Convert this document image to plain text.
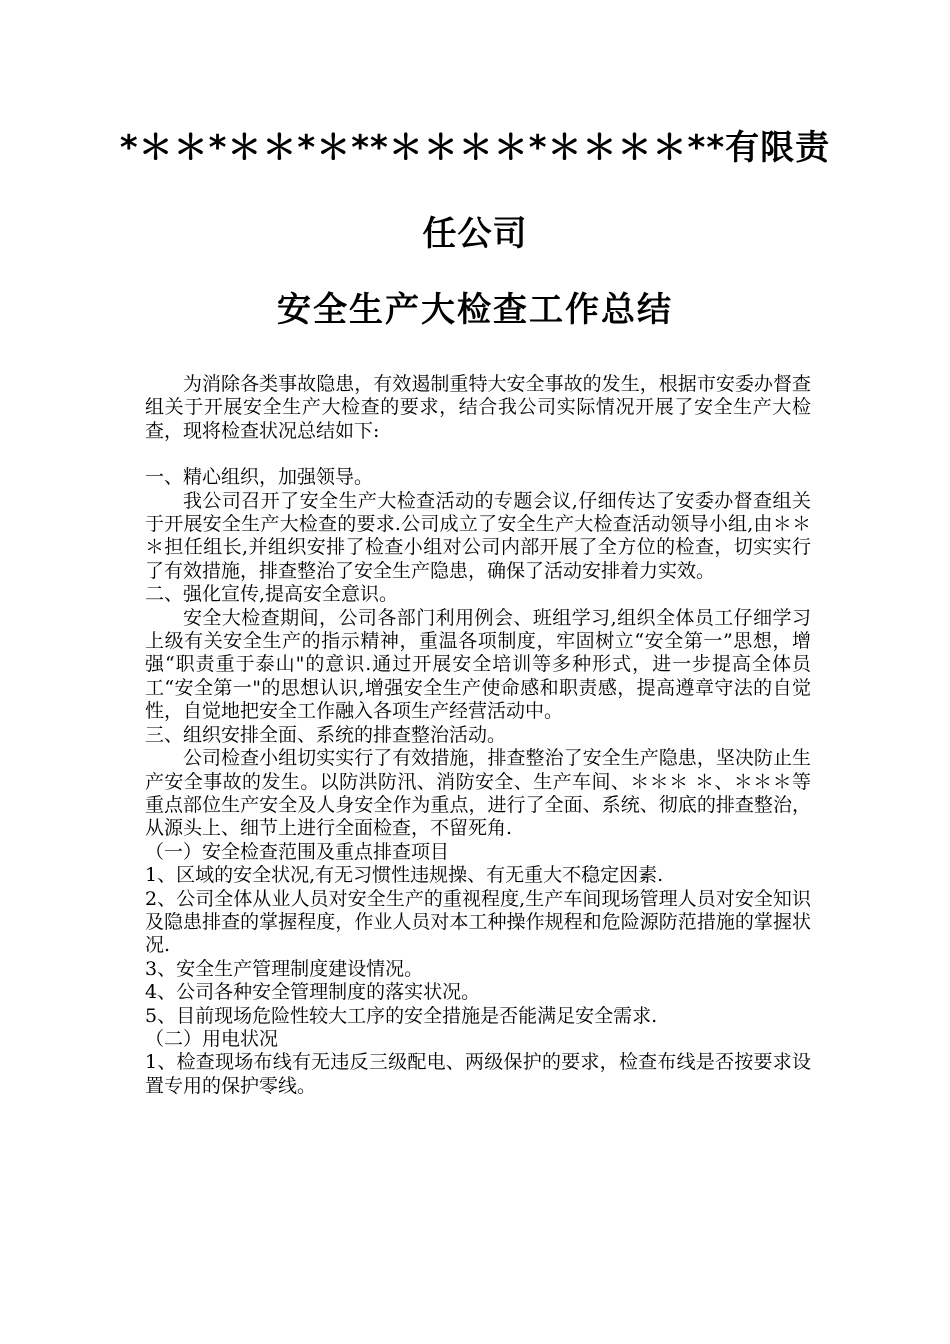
*＊＊*＊＊*＊**＊＊＊＊*＊＊＊＊**有限责
任公司
安全生产大检查工作总结

为消除各类事故隐患，有效遏制重特大安全事故的发生，根据市安委办督查组关于开展安全生产大检查的要求，结合我公司实际情况开展了安全生产大检查，现将检查状况总结如下:

一、精心组织，加强领导。

我公司召开了安全生产大检查活动的专题会议,仔细传达了安委办督查组关于开展安全生产大检查的要求.公司成立了安全生产大检查活动领导小组,由＊＊＊担任组长,并组织安排了检查小组对公司内部开展了全方位的检查，切实实行了有效措施，排查整治了安全生产隐患，确保了活动安排着力实效。

二、强化宣传,提高安全意识。

安全大检查期间，公司各部门利用例会、班组学习,组织全体员工仔细学习上级有关安全生产的指示精神，重温各项制度，牢固树立“安全第一”思想，增强“职责重于泰山"的意识.通过开展安全培训等多种形式，进一步提高全体员工“安全第一"的思想认识,增强安全生产使命感和职责感，提高遵章守法的自觉性，自觉地把安全工作融入各项生产经营活动中。

三、组织安排全面、系统的排查整治活动。

公司检查小组切实实行了有效措施，排查整治了安全生产隐患，坚决防止生产安全事故的发生。以防洪防汛、消防安全、生产车间、＊＊＊ ＊、＊＊＊等重点部位生产安全及人身安全作为重点，进行了全面、系统、彻底的排查整治，从源头上、细节上进行全面检查，不留死角.

（一）安全检查范围及重点排查项目

1、区域的安全状况,有无习惯性违规操、有无重大不稳定因素.

2、公司全体从业人员对安全生产的重视程度,生产车间现场管理人员对安全知识及隐患排查的掌握程度，作业人员对本工种操作规程和危险源防范措施的掌握状况.

3、安全生产管理制度建设情况。

4、公司各种安全管理制度的落实状况。

5、目前现场危险性较大工序的安全措施是否能满足安全需求.

（二）用电状况

1、检查现场布线有无违反三级配电、两级保护的要求，检查布线是否按要求设置专用的保护零线。
